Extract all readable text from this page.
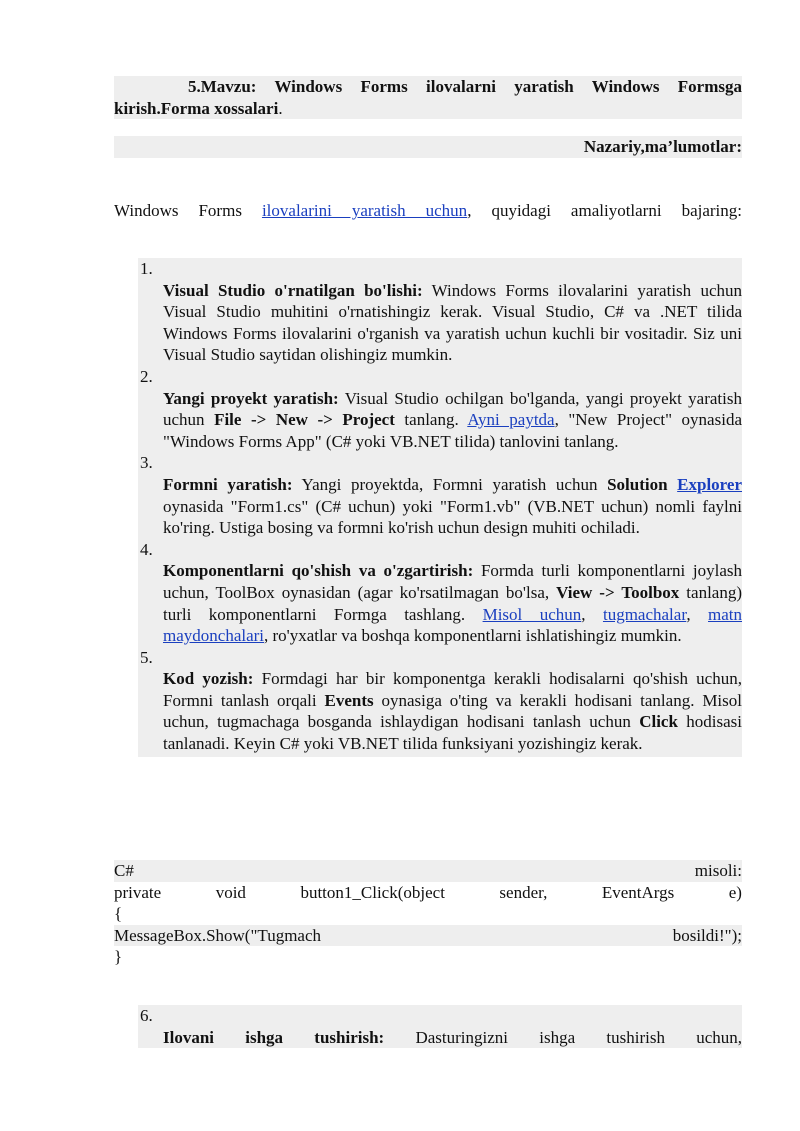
5.Mavzu: Windows Forms ilovalarni yaratish Windows Formsga
kirish.Forma xossalari.
Nazariy,ma’lumotlar:
Windows Forms ilovalarini yaratish uchun, quyidagi amaliyotlarni bajaring:
1.
Visual Studio o'rnatilgan bo'lishi: Windows Forms ilovalarini yaratish uchun Visual Studio muhitini o'rnatishingiz kerak. Visual Studio, C# va .NET tilida Windows Forms ilovalarini o'rganish va yaratish uchun kuchli bir vositadir. Siz uni Visual Studio saytidan olishingiz mumkin.
2.
Yangi proyekt yaratish: Visual Studio ochilgan bo'lganda, yangi proyekt yaratish uchun File -> New -> Project tanlang. Ayni paytda, "New Project" oynasida "Windows Forms App" (C# yoki VB.NET tilida) tanlovini tanlang.
3.
Formni yaratish: Yangi proyektda, Formni yaratish uchun Solution Explorer oynasida "Form1.cs" (C# uchun) yoki "Form1.vb" (VB.NET uchun) nomli faylni ko'ring. Ustiga bosing va formni ko'rish uchun design muhiti ochiladi.
4.
Komponentlarni qo'shish va o'zgartirish: Formda turli komponentlarni joylash uchun, ToolBox oynasidan (agar ko'rsatilmagan bo'lsa, View -> Toolbox tanlang) turli komponentlarni Formga tashlang. Misol uchun, tugmachalar, matn maydonchalari, ro'yxatlar va boshqa komponentlarni ishlatishingiz mumkin.
5.
Kod yozish: Formdagi har bir komponentga kerakli hodisalarni qo'shish uchun, Formni tanlash orqali Events oynasiga o'ting va kerakli hodisani tanlang. Misol uchun, tugmachaga bosganda ishlaydigan hodisani tanlash uchun Click hodisasi tanlanadi. Keyin C# yoki VB.NET tilida funksiyani yozishingiz kerak.
C#	misoli:
private	void	button1_Click(object	sender,	EventArgs	e)
{
MessageBox.Show("Tugmach	bosildi!");
}
6.
Ilovani ishga tushirish: Dasturingizni ishga tushirish uchun,
